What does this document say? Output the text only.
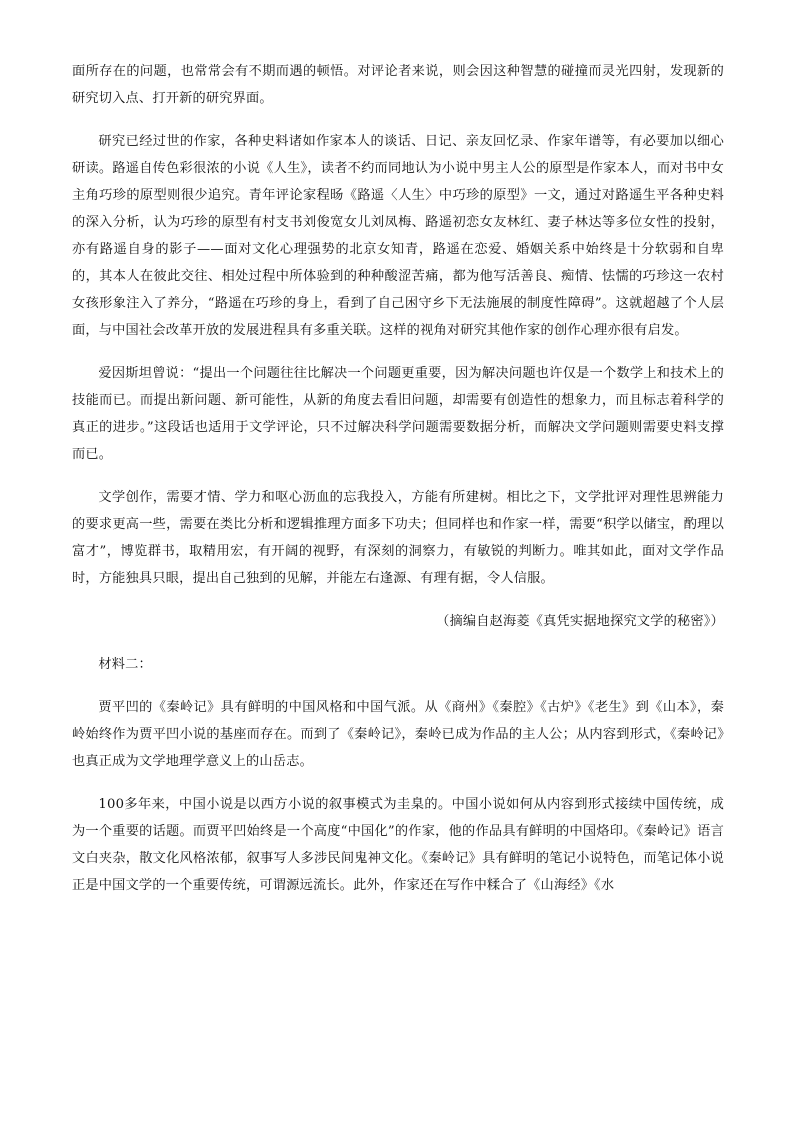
面所存在的问题，也常常会有不期而遇的顿悟。对评论者来说，则会因这种智慧的碰撞而灵光四射，发现新的研究切入点、打开新的研究界面。

研究已经过世的作家，各种史料诸如作家本人的谈话、日记、亲友回忆录、作家年谱等，有必要加以细心研读。路遥自传色彩很浓的小说《人生》，读者不约而同地认为小说中男主人公的原型是作家本人，而对书中女主角巧珍的原型则很少追究。青年评论家程旸《路遥〈人生〉中巧珍的原型》一文，通过对路遥生平各种史料的深入分析，认为巧珍的原型有村支书刘俊宽女儿刘凤梅、路遥初恋女友林红、妻子林达等多位女性的投射，亦有路遥自身的影子——面对文化心理强势的北京女知青，路遥在恋爱、婚姻关系中始终是十分软弱和自卑的，其本人在彼此交往、相处过程中所体验到的种种酸涩苦痛，都为他写活善良、痴情、怯懦的巧珍这一农村女孩形象注入了养分，“路遥在巧珍的身上，看到了自己困守乡下无法施展的制度性障碍”。这就超越了个人层面，与中国社会改革开放的发展进程具有多重关联。这样的视角对研究其他作家的创作心理亦很有启发。

爱因斯坦曾说：“提出一个问题往往比解决一个问题更重要，因为解决问题也许仅是一个数学上和技术上的技能而已。而提出新问题、新可能性，从新的角度去看旧问题，却需要有创造性的想象力，而且标志着科学的真正的进步。”这段话也适用于文学评论，只不过解决科学问题需要数据分析，而解决文学问题则需要史料支撑而已。

文学创作，需要才情、学力和呕心沥血的忘我投入，方能有所建树。相比之下，文学批评对理性思辨能力的要求更高一些，需要在类比分析和逻辑推理方面多下功夫；但同样也和作家一样，需要“积学以储宝，酌理以富才”，博览群书，取精用宏，有开阔的视野，有深刻的洞察力，有敏锐的判断力。唯其如此，面对文学作品时，方能独具只眼，提出自己独到的见解，并能左右逢源、有理有据，令人信服。

（摘编自赵海菱《真凭实据地探究文学的秘密》）

材料二：

贾平凹的《秦岭记》具有鲜明的中国风格和中国气派。从《商州》《秦腔》《古炉》《老生》到《山本》，秦岭始终作为贾平凹小说的基座而存在。而到了《秦岭记》，秦岭已成为作品的主人公；从内容到形式，《秦岭记》也真正成为文学地理学意义上的山岳志。

100多年来，中国小说是以西方小说的叙事模式为圭臬的。中国小说如何从内容到形式接续中国传统，成为一个重要的话题。而贾平凹始终是一个高度“中国化”的作家，他的作品具有鲜明的中国烙印。《秦岭记》语言文白夹杂，散文化风格浓郁，叙事写人多涉民间鬼神文化。《秦岭记》具有鲜明的笔记小说特色，而笔记体小说正是中国文学的一个重要传统，可谓源远流长。此外，作家还在写作中糅合了《山海经》《水
